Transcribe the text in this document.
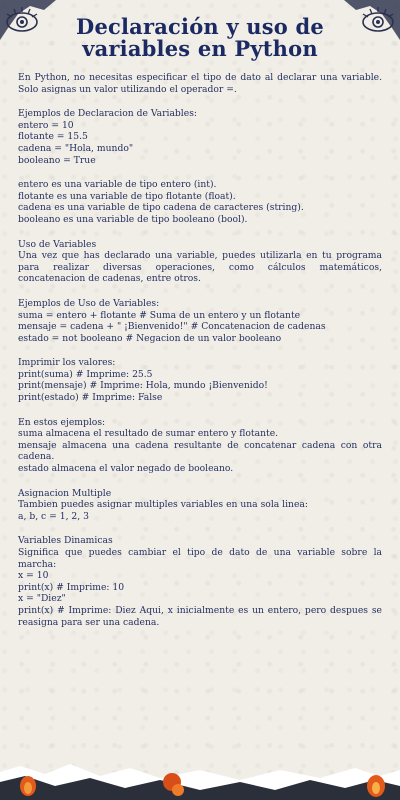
Declaración y uso de variables en Python

En Python, no necesitas especificar el tipo de dato al declarar una variable. Solo asignas un valor utilizando el operador =.

Ejemplos de Declaracion de Variables:
entero = 10
flotante = 15.5
cadena = "Hola, mundo"
booleano = True
entero es una variable de tipo entero (int).
flotante es una variable de tipo flotante (float).
cadena es una variable de tipo cadena de caracteres (string).
booleano es una variable de tipo booleano (bool).
Uso de Variables
Una vez que has declarado una variable, puedes utilizarla en tu programa para realizar diversas operaciones, como cálculos matemáticos, concatenacion de cadenas, entre otros.
Ejemplos de Uso de Variables:
suma = entero + flotante # Suma de un entero y un flotante
mensaje = cadena + " ¡Bienvenido!" # Concatenacion de cadenas
estado = not booleano # Negacion de un valor booleano
Imprimir los valores:
print(suma) # Imprime: 25.5
print(mensaje) # Imprime: Hola, mundo ¡Bienvenido!
print(estado) # Imprime: False
En estos ejemplos:
suma almacena el resultado de sumar entero y flotante.
mensaje almacena una cadena resultante de concatenar cadena con otra cadena.
estado almacena el valor negado de booleano.
Asignacion Multiple
Tambien puedes asignar multiples variables en una sola linea:
a, b, c = 1, 2, 3
Variables Dinamicas
Significa que puedes cambiar el tipo de dato de una variable sobre la marcha:
x = 10
print(x) # Imprime: 10
x = "Diez"
print(x) # Imprime: Diez Aqui, x inicialmente es un entero, pero despues se reasigna para ser una cadena.
